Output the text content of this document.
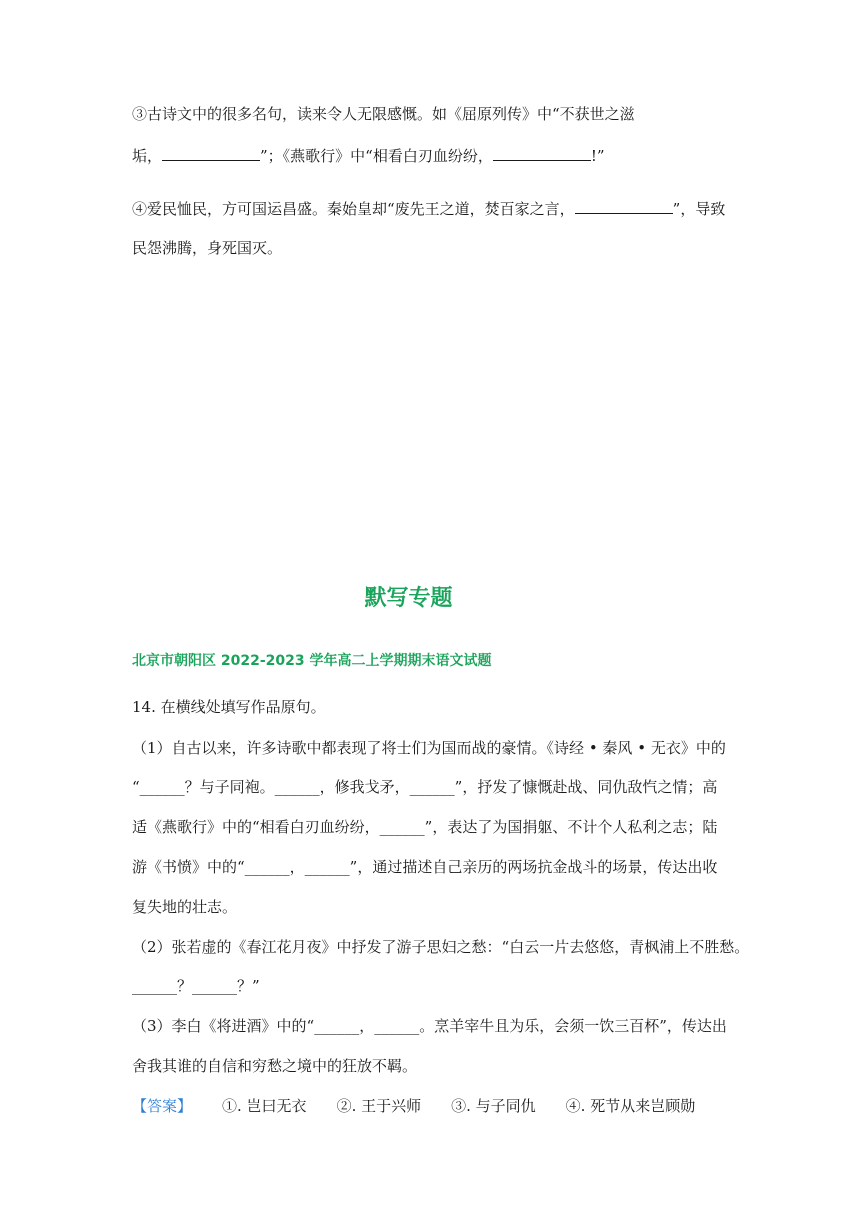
③古诗文中的很多名句，读来令人无限感慨。如《屈原列传》中“不获世之滋
垢，	”；《燕歌行》中“相看白刃血纷纷，	!”
④爱民恤民，方可国运昌盛。秦始皇却“废先王之道，焚百家之言，	”，导致
民怨沸腾，身死国灭。
默写专题
北京市朝阳区 2022-2023 学年高二上学期期末语文试题
14. 在横线处填写作品原句。
（1）自古以来，许多诗歌中都表现了将士们为国而战的豪情。《诗经 • 秦风 • 无衣》中的
“______？与子同袍。______，修我戈矛，______”，抒发了慷慨赴战、同仇敌忾之情；高
适《燕歌行》中的“相看白刃血纷纷，______”，表达了为国捐躯、不计个人私利之志；陆
游《书愤》中的“______，______”，通过描述自己亲历的两场抗金战斗的场景，传达出收
复失地的壮志。
（2）张若虚的《春江花月夜》中抒发了游子思妇之愁：“白云一片去悠悠，青枫浦上不胜愁。
______？______？”
（3）李白《将进酒》中的“______，______。烹羊宰牛且为乐，会须一饮三百杯”，传达出
舍我其谁的自信和穷愁之境中的狂放不羁。
【答案】 ①. 岂曰无衣 ②. 王于兴师 ③. 与子同仇 ④. 死节从来岂顾勋
